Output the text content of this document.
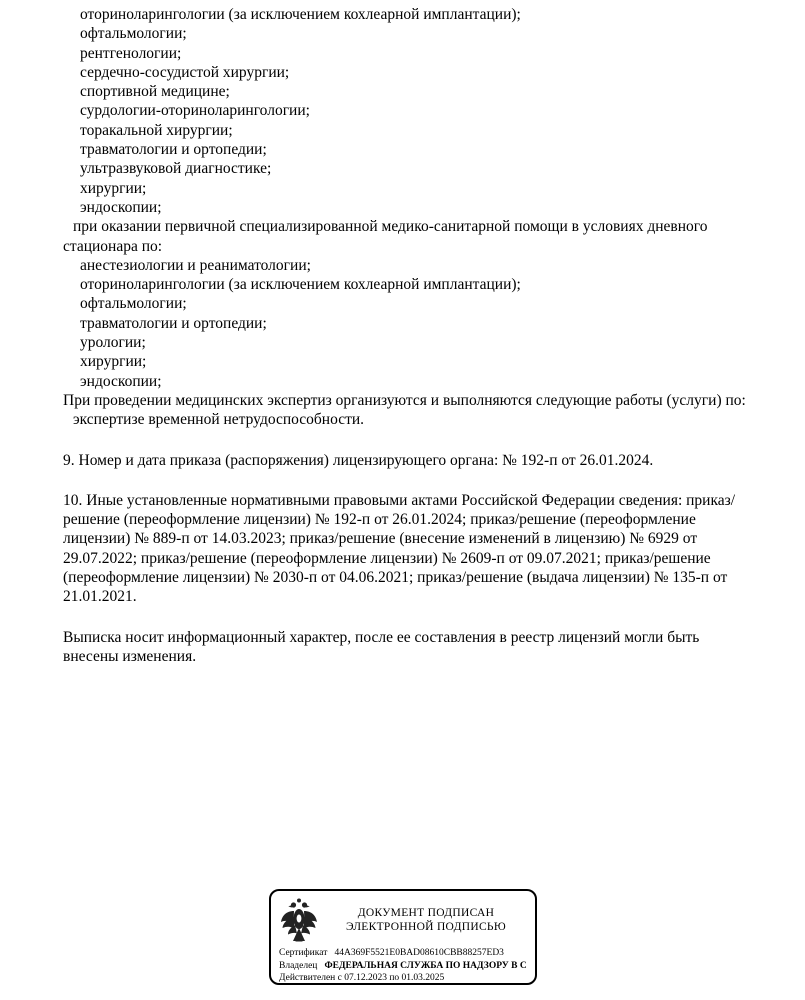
оториноларингологии (за исключением кохлеарной имплантации);
офтальмологии;
рентгенологии;
сердечно-сосудистой хирургии;
спортивной медицине;
сурдологии-оториноларингологии;
торакальной хирургии;
травматологии и ортопедии;
ультразвуковой диагностике;
хирургии;
эндоскопии;
при оказании первичной специализированной медико-санитарной помощи в условиях дневного стационара по:
анестезиологии и реаниматологии;
оториноларингологии (за исключением кохлеарной имплантации);
офтальмологии;
травматологии и ортопедии;
урологии;
хирургии;
эндоскопии;
При проведении медицинских экспертиз организуются и выполняются следующие работы (услуги) по:
экспертизе временной нетрудоспособности.
9. Номер и дата приказа (распоряжения) лицензирующего органа: № 192-п от 26.01.2024.
10. Иные установленные нормативными правовыми актами Российской Федерации сведения: приказ/решение (переоформление лицензии) № 192-п от 26.01.2024; приказ/решение (переоформление лицензии) № 889-п от 14.03.2023; приказ/решение (внесение изменений в лицензию) № 6929 от 29.07.2022; приказ/решение (переоформление лицензии) № 2609-п от 09.07.2021; приказ/решение (переоформление лицензии) № 2030-п от 04.06.2021; приказ/решение (выдача лицензии) № 135-п от 21.01.2021.
Выписка носит информационный характер, после ее составления в реестр лицензий могли быть внесены изменения.
ДОКУМЕНТ ПОДПИСАН
ЭЛЕКТРОННОЙ ПОДПИСЬЮ
Сертификат 44A369F5521E0BAD08610CBB88257ED3
Владелец ФЕДЕРАЛЬНАЯ СЛУЖБА ПО НАДЗОРУ В С
Действителен с 07.12.2023 по 01.03.2025
